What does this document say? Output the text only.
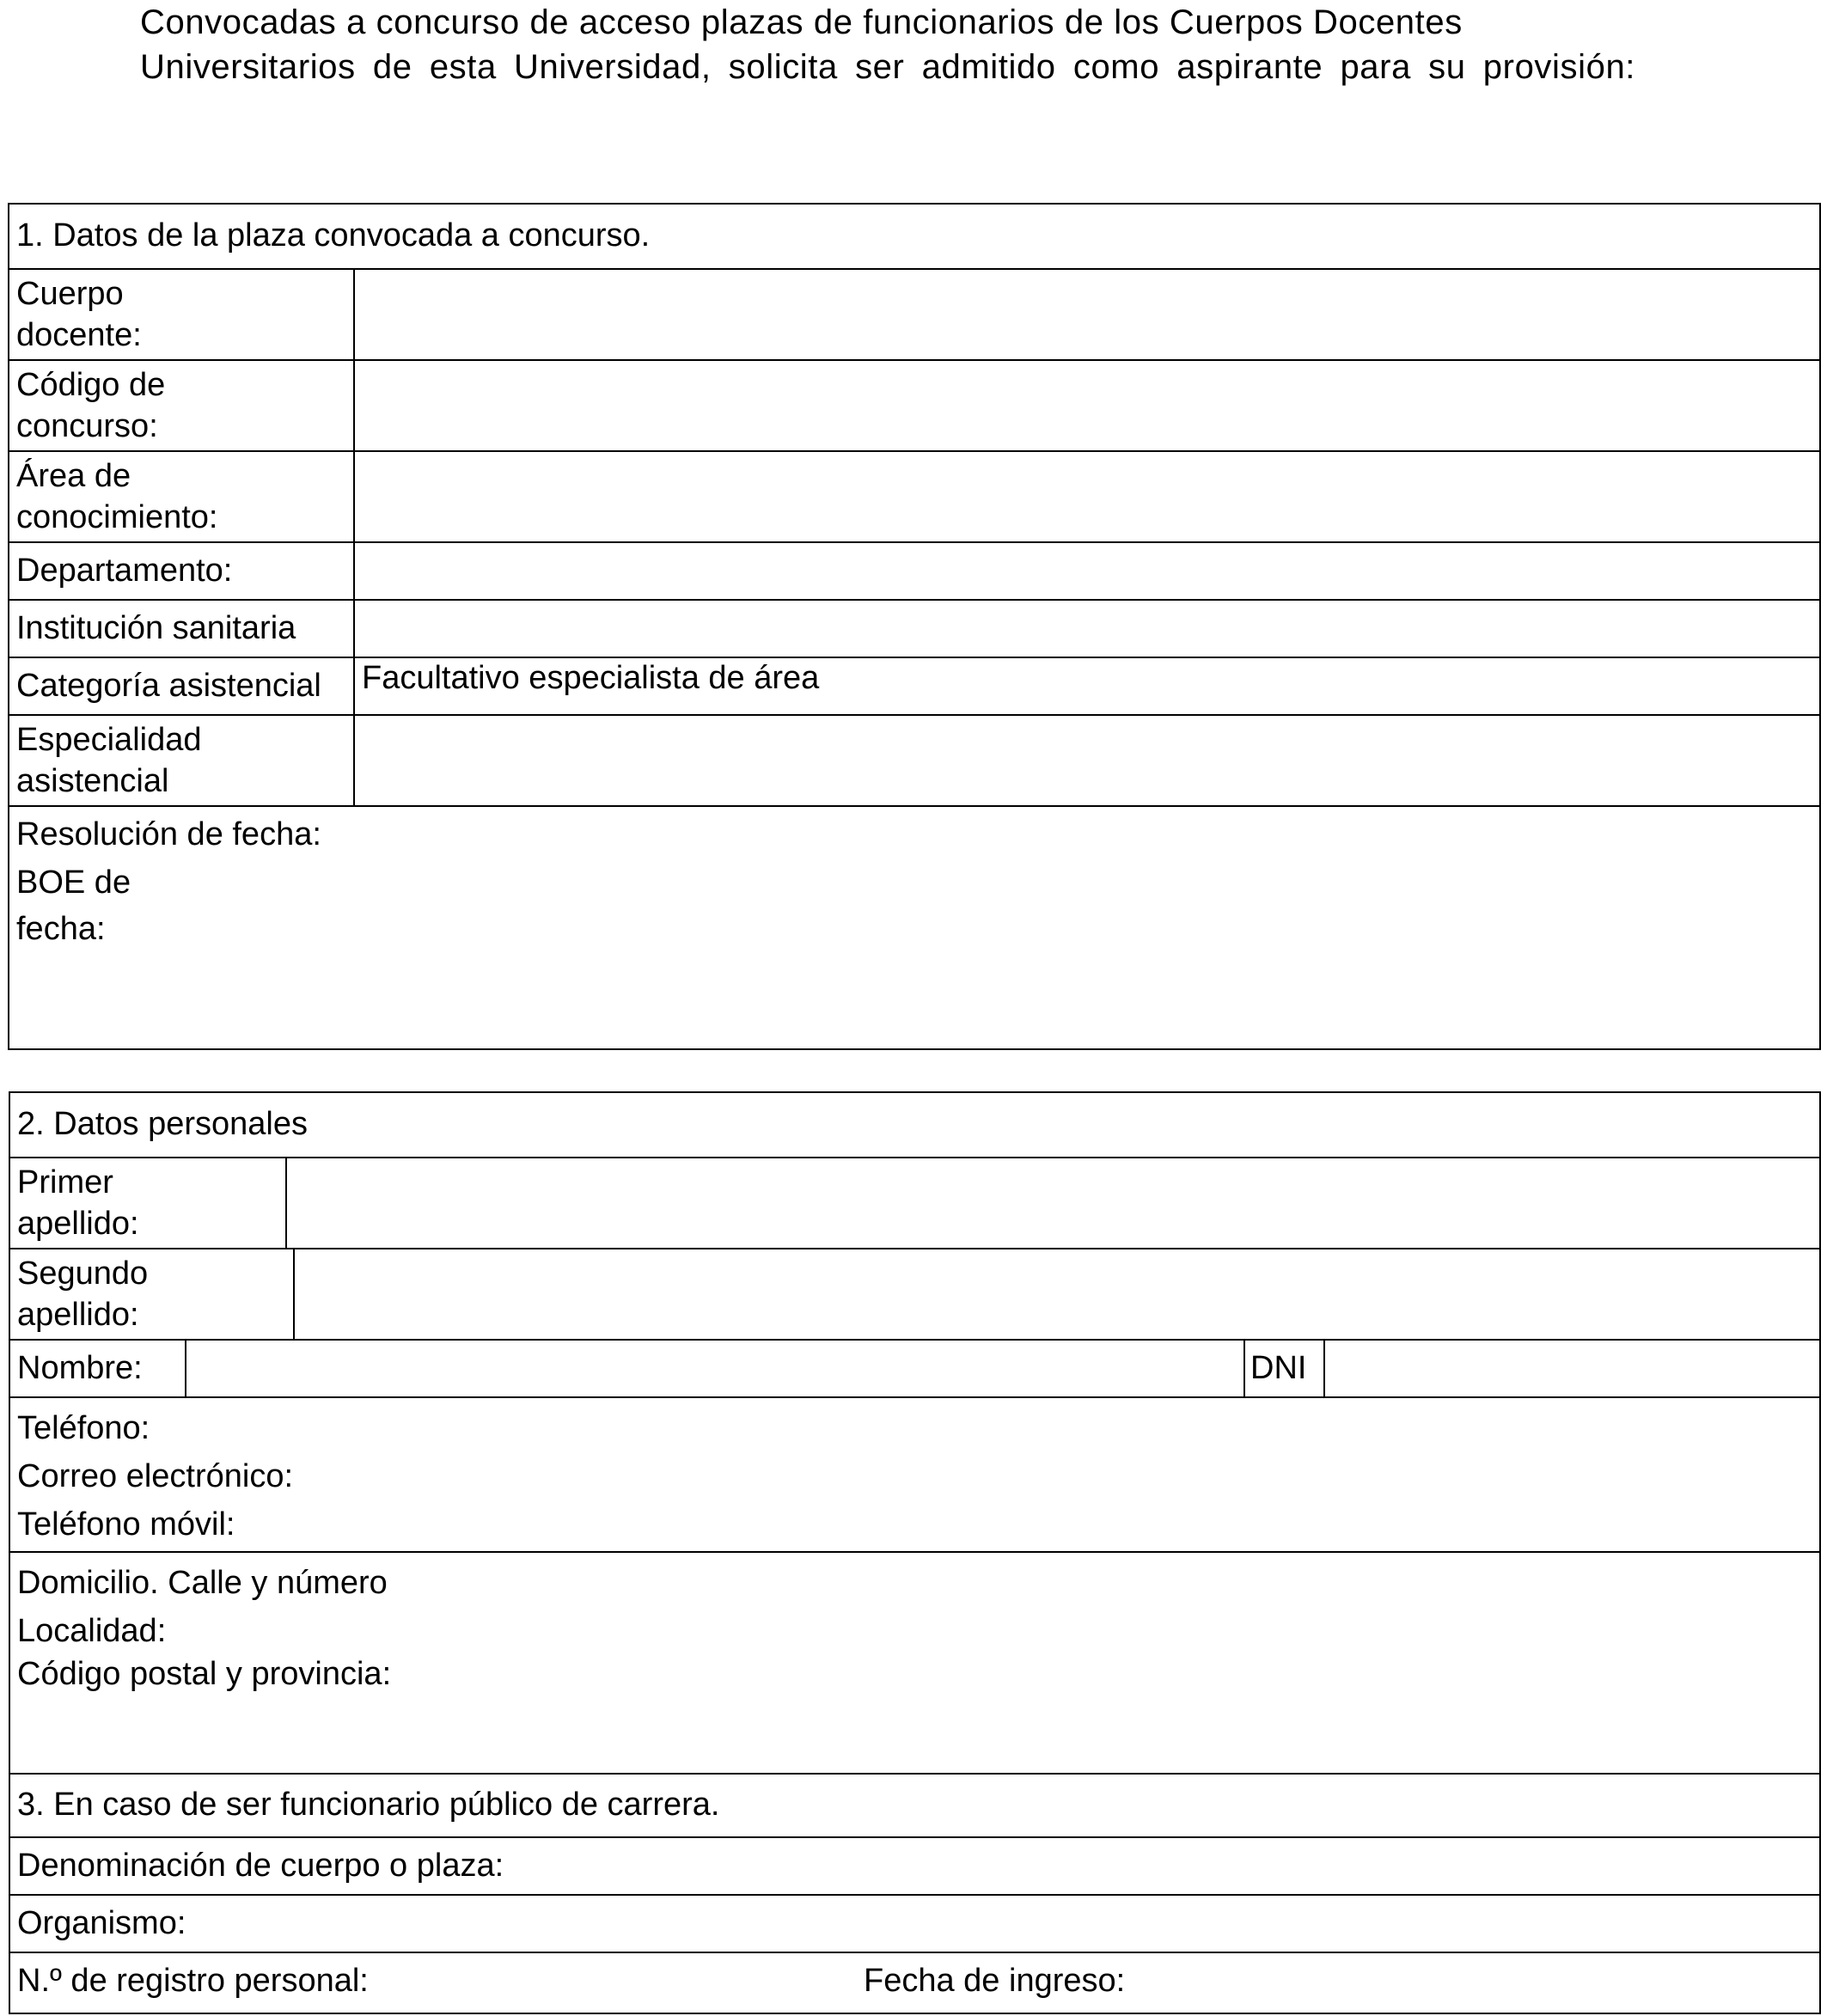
Convocadas a concurso de acceso plazas de funcionarios de los Cuerpos Docentes
Universitarios de esta Universidad, solicita ser admitido como aspirante para su provisión:
1. Datos de la plaza convocada a concurso.
Cuerpo
docente:
Código de
concurso:
Área de
conocimiento:
Departamento:
Institución sanitaria
Categoría asistencial Facultativo especialista de área
Especialidad
asistencial
Resolución de fecha:
BOE de
fecha:
2. Datos personales
Primer
apellido:
Segundo
apellido:
Nombre:	DNI
Teléfono:
Correo electrónico:
Teléfono móvil:
Domicilio. Calle y número
Localidad:
Código postal y provincia:
3. En caso de ser funcionario público de carrera.
Denominación de cuerpo o plaza:
Organismo:
N.º de registro personal:	Fecha de ingreso:
